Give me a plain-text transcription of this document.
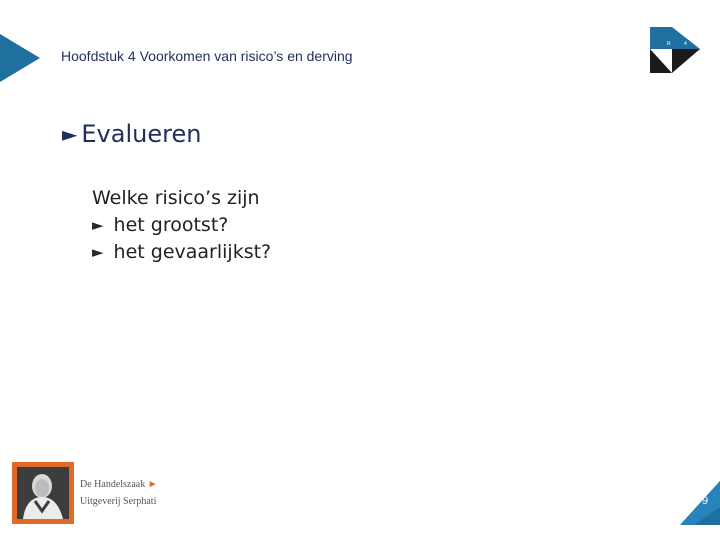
Hoofdstuk 4 Voorkomen van risico’s en derving
R	4
► Evalueren
Welke risico’s zijn
► het grootst?
► het gevaarlijkst?
De Handelszaak ►
Uitgeverij Serphati	9
